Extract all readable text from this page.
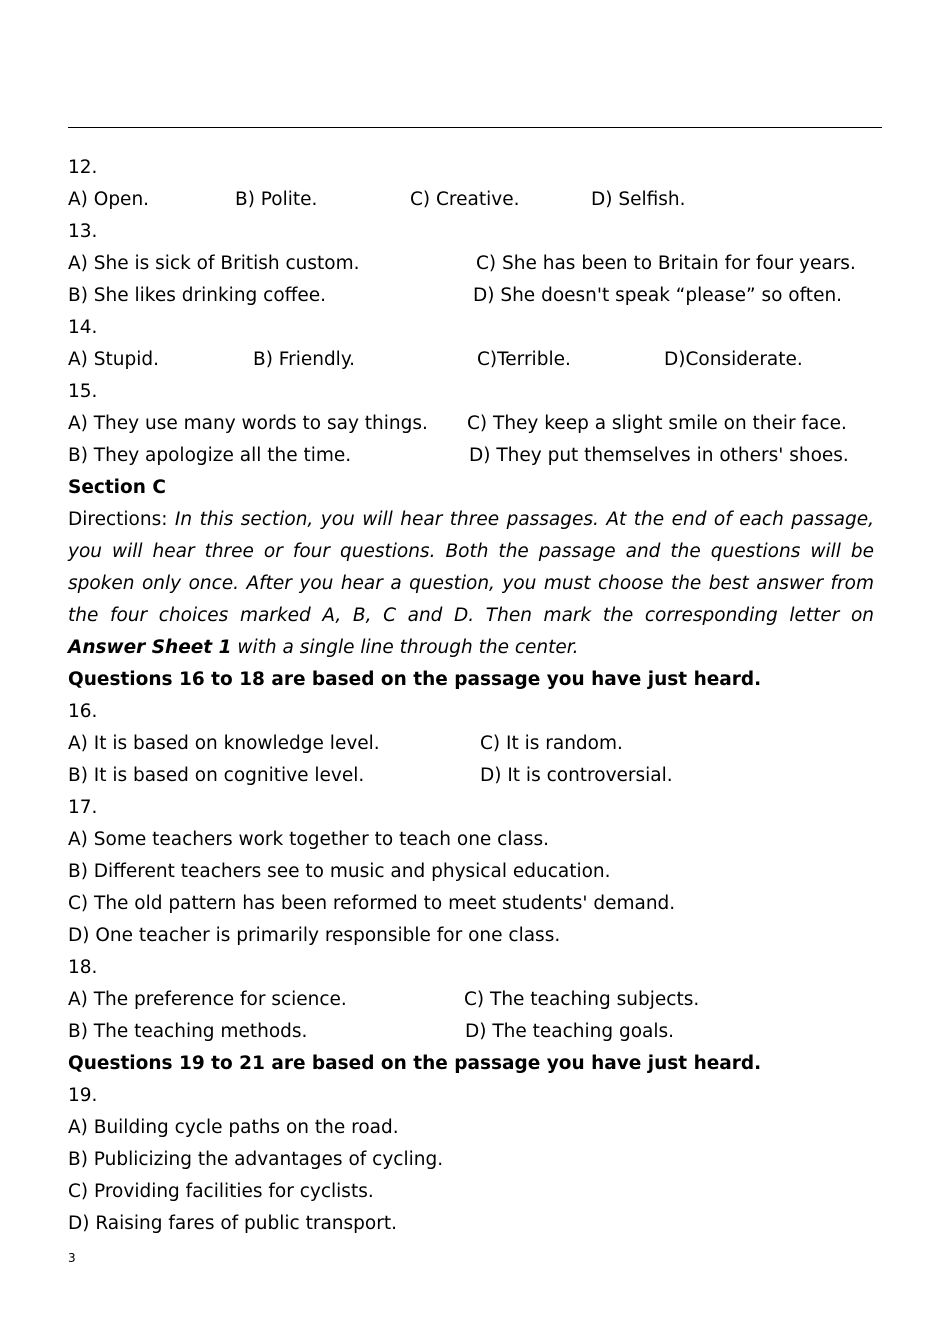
12.
A) Open.	B) Polite.	C) Creative.	D) Selfish.
13.
A) She is sick of British custom.	C) She has been to Britain for four years.
B) She likes drinking coffee.	D) She doesn't speak “please” so often.
14.
A) Stupid.	B) Friendly.	C)Terrible.	D)Considerate.
15.
A) They use many words to say things. C) They keep a slight smile on their face.
B) They apologize all the time.	D) They put themselves in others' shoes.
Section C
Directions: In this section, you will hear three passages. At the end of each passage, you will hear three or four questions. Both the passage and the questions will be spoken only once. After you hear a question, you must choose the best answer from the four choices marked A, B, C and D. Then mark the corresponding letter on Answer Sheet 1 with a single line through the center.
Questions 16 to 18 are based on the passage you have just heard.
16.
A) It is based on knowledge level.	C) It is random.
B) It is based on cognitive level.	D) It is controversial.
17.
A) Some teachers work together to teach one class.
B) Different teachers see to music and physical education.
C) The old pattern has been reformed to meet students' demand.
D) One teacher is primarily responsible for one class.
18.
A) The preference for science.	C) The teaching subjects.
B) The teaching methods.	D) The teaching goals.
Questions 19 to 21 are based on the passage you have just heard.
19.
A) Building cycle paths on the road.
B) Publicizing the advantages of cycling.
C) Providing facilities for cyclists.
D) Raising fares of public transport.
3
